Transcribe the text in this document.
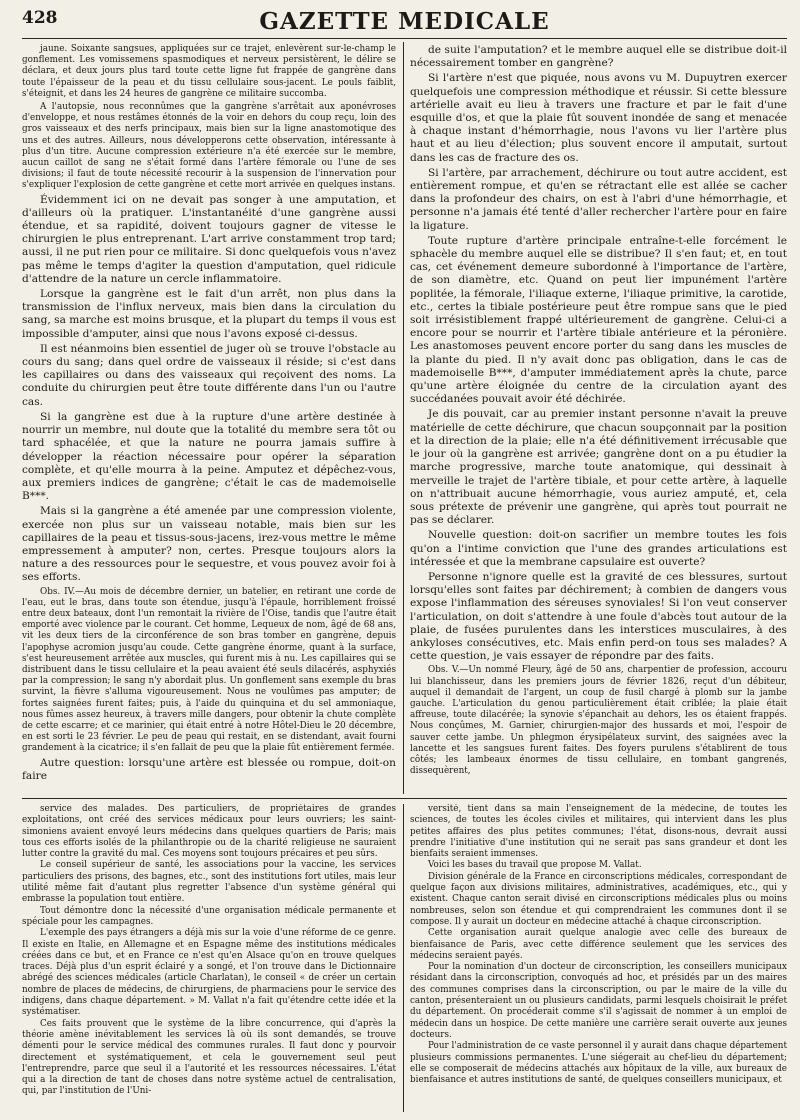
428	GAZETTE MEDICALE

jaune. Soixante sangsues, appliquées sur ce trajet, enlevèrent sur-le-champ le gonflement. Les vomissemens spasmodiques et nerveux persistèrent, le délire se déclara, et deux jours plus tard toute cette ligne fut frappée de gangrène dans toute l'épaisseur de la peau et du tissu cellulaire sous-jacent. Le pouls faiblit, s'éteignit, et dans les 24 heures de gangrène ce militaire succomba.

A l'autopsie, nous reconnûmes que la gangrène s'arrêtait aux aponévroses d'enveloppe, et nous restâmes étonnés de la voir en dehors du coup reçu, loin des gros vaisseaux et des nerfs principaux, mais bien sur la ligne anastomotique des uns et des autres. Ailleurs, nous développerons cette observation, intéressante à plus d'un titre. Aucune compression extérieure n'a été exercée sur le membre, aucun caillot de sang ne s'était formé dans l'artère fémorale ou l'une de ses divisions; il faut de toute nécessité recourir à la suspension de l'innervation pour s'expliquer l'explosion de cette gangrène et cette mort arrivée en quelques instans.

Évidemment ici on ne devait pas songer à une amputation, et d'ailleurs où la pratiquer. L'instantanéité d'une gangrène aussi étendue, et sa rapidité, doivent toujours gagner de vitesse le chirurgien le plus entreprenant. L'art arrive constamment trop tard; aussi, il ne put rien pour ce militaire. Si donc quelquefois vous n'avez pas même le temps d'agiter la question d'amputation, quel ridicule d'attendre de la nature un cercle inflammatoire.

Lorsque la gangrène est le fait d'un arrêt, non plus dans la transmission de l'influx nerveux, mais bien dans la circulation du sang, sa marche est moins brusque, et la plupart du temps il vous est impossible d'amputer, ainsi que nous l'avons exposé ci-dessus.

Il est néanmoins bien essentiel de juger où se trouve l'obstacle au cours du sang; dans quel ordre de vaisseaux il réside; si c'est dans les capillaires ou dans des vaisseaux qui reçoivent des noms. La conduite du chirurgien peut être toute différente dans l'un ou l'autre cas.

Si la gangrène est due à la rupture d'une artère destinée à nourrir un membre, nul doute que la totalité du membre sera tôt ou tard sphacélée, et que la nature ne pourra jamais suffire à développer la réaction nécessaire pour opérer la séparation complète, et qu'elle mourra à la peine. Amputez et dépêchez-vous, aux premiers indices de gangrène; c'était le cas de mademoiselle B***.

Mais si la gangrène a été amenée par une compression violente, exercée non plus sur un vaisseau notable, mais bien sur les capillaires de la peau et tissus-sous-jacens, irez-vous mettre le même empressement à amputer? non, certes. Presque toujours alors la nature a des ressources pour le sequestre, et vous pouvez avoir foi à ses efforts.

Obs. IV.—Au mois de décembre dernier, un batelier, en retirant une corde de l'eau, eut le bras, dans toute son étendue, jusqu'à l'épaule, horriblement froissé entre deux bateaux, dont l'un remontait la rivière de l'Oise, tandis que l'autre était emporté avec violence par le courant. Cet homme, Lequeux de nom, âgé de 68 ans, vit les deux tiers de la circonférence de son bras tomber en gangrène, depuis l'apophyse acromion jusqu'au coude. Cette gangrène énorme, quant à la surface, s'est heureusement arrêtée aux muscles, qui furent mis à nu. Les capillaires qui se distribuent dans le tissu cellulaire et la peau avaient été seuls dilacérés, asphyxiés par la compression; le sang n'y abordait plus. Un gonflement sans exemple du bras survint, la fièvre s'alluma vigoureusement. Nous ne voulûmes pas amputer; de fortes saignées furent faites; puis, à l'aide du quinquina et du sel ammoniaque, nous fûmes assez heureux, à travers mille dangers, pour obtenir la chute complète de cette escarre; et ce marinier, qui était entré à notre Hôtel-Dieu le 20 décembre, en est sorti le 23 février. Le peu de peau qui restait, en se distendant, avait fourni grandement à la cicatrice; il s'en fallait de peu que la plaie fût entièrement fermée.

Autre question: lorsqu'une artère est blessée ou rompue, doit-on faire

de suite l'amputation? et le membre auquel elle se distribue doit-il nécessairement tomber en gangrène?

Si l'artère n'est que piquée, nous avons vu M. Dupuytren exercer quelquefois une compression méthodique et réussir. Si cette blessure artérielle avait eu lieu à travers une fracture et par le fait d'une esquille d'os, et que la plaie fût souvent inondée de sang et menacée à chaque instant d'hémorrhagie, nous l'avons vu lier l'artère plus haut et au lieu d'élection; plus souvent encore il amputait, surtout dans les cas de fracture des os.

Si l'artère, par arrachement, déchirure ou tout autre accident, est entièrement rompue, et qu'en se rétractant elle est allée se cacher dans la profondeur des chairs, on est à l'abri d'une hémorrhagie, et personne n'a jamais été tenté d'aller rechercher l'artère pour en faire la ligature.

Toute rupture d'artère principale entraîne-t-elle forcément le sphacèle du membre auquel elle se distribue? Il s'en faut; et, en tout cas, cet événement demeure subordonné à l'importance de l'artère, de son diamètre, etc. Quand on peut lier impunément l'artère poplitée, la fémorale, l'iliaque externe, l'iliaque primitive, la carotide, etc., certes la tibiale postérieure peut être rompue sans que le pied soit irrésistiblement frappé ultérieurement de gangrène. Celui-ci a encore pour se nourrir et l'artère tibiale antérieure et la péronière. Les anastomoses peuvent encore porter du sang dans les muscles de la plante du pied. Il n'y avait donc pas obligation, dans le cas de mademoiselle B***, d'amputer immédiatement après la chute, parce qu'une artère éloignée du centre de la circulation ayant des succédanées pouvait avoir été déchirée.

Je dis pouvait, car au premier instant personne n'avait la preuve matérielle de cette déchirure, que chacun soupçonnait par la position et la direction de la plaie; elle n'a été définitivement irrécusable que le jour où la gangrène est arrivée; gangrène dont on a pu étudier la marche progressive, marche toute anatomique, qui dessinait à merveille le trajet de l'artère tibiale, et pour cette artère, à laquelle on n'attribuait aucune hémorrhagie, vous auriez amputé, et, cela sous prétexte de prévenir une gangrène, qui après tout pourrait ne pas se déclarer.

Nouvelle question: doit-on sacrifier un membre toutes les fois qu'on a l'intime conviction que l'une des grandes articulations est intéressée et que la membrane capsulaire est ouverte?

Personne n'ignore quelle est la gravité de ces blessures, surtout lorsqu'elles sont faites par déchirement; à combien de dangers vous expose l'inflammation des séreuses synoviales! Si l'on veut conserver l'articulation, on doit s'attendre à une foule d'abcès tout autour de la plaie, de fusées purulentes dans les interstices musculaires, à des ankyloses consécutives, etc. Mais enfin perd-on tous ses malades? A cette question, je vais essayer de répondre par des faits.

Obs. V.—Un nommé Fleury, âgé de 50 ans, charpentier de profession, accouru lui blanchisseur, dans les premiers jours de février 1826, reçut d'un débiteur, auquel il demandait de l'argent, un coup de fusil chargé à plomb sur la jambe gauche. L'articulation du genou particulièrement était criblée; la plaie était affreuse, toute dilacérée; la synovie s'épanchait au dehors, les os étaient frappés. Nous conçûmes, M. Garnier, chirurgien-major des hussards et moi, l'espoir de sauver cette jambe. Un phlegmon érysipélateux survint, des saignées avec la lancette et les sangsues furent faites. Des foyers purulens s'établirent de tous côtés; les lambeaux énormes de tissu cellulaire, en tombant gangrenés, dissequèrent,

service des malades. Des particuliers, de propriétaires de grandes exploitations, ont créé des services médicaux pour leurs ouvriers; les saint-simoniens avaient envoyé leurs médecins dans quelques quartiers de Paris; mais tous ces efforts isolés de la philanthropie ou de la charité religieuse ne sauraient lutter contre la gravité du mal. Ces moyens sont toujours précaires et peu sûrs.

Le conseil supérieur de santé, les associations pour la vaccine, les services particuliers des prisons, des bagnes, etc., sont des institutions fort utiles, mais leur utilité même fait d'autant plus regretter l'absence d'un système général qui embrasse la population tout entière.

Tout démontre donc la nécessité d'une organisation médicale permanente et spéciale pour les campagnes.

L'exemple des pays étrangers a déjà mis sur la voie d'une réforme de ce genre. Il existe en Italie, en Allemagne et en Espagne même des institutions médicales créées dans ce but, et en France ce n'est qu'en Alsace qu'on en trouve quelques traces. Déjà plus d'un esprit éclairé y a songé, et l'on trouve dans le Dictionnaire abrégé des sciences médicales (article Charlatan), le conseil « de créer un certain nombre de places de médecins, de chirurgiens, de pharmaciens pour le service des indigens, dans chaque département. » M. Vallat n'a fait qu'étendre cette idée et la systématiser.

Ces faits prouvent que le système de la libre concurrence, qui d'après la théorie amène inévitablement les services là où ils sont demandés, se trouve démenti pour le service médical des communes rurales. Il faut donc y pourvoir directement et systématiquement, et cela le gouvernement seul peut l'entreprendre, parce que seul il a l'autorité et les ressources nécessaires. L'état qui a la direction de tant de choses dans notre système actuel de centralisation, qui, par l'institution de l'Uni-

versité, tient dans sa main l'enseignement de la médecine, de toutes les sciences, de toutes les écoles civiles et militaires, qui intervient dans les plus petites affaires des plus petites communes; l'état, disons-nous, devrait aussi prendre l'initiative d'une institution qui ne serait pas sans grandeur et dont les bienfaits seraient immenses.

Voici les bases du travail que propose M. Vallat.

Division générale de la France en circonscriptions médicales, correspondant de quelque façon aux divisions militaires, administratives, académiques, etc., qui y existent. Chaque canton serait divisé en circonscriptions médicales plus ou moins nombreuses, selon son étendue et qui comprendraient les communes dont il se compose. Il y aurait un docteur en médecine attaché à chaque circonscription.

Cette organisation aurait quelque analogie avec celle des bureaux de bienfaisance de Paris, avec cette différence seulement que les services des médecins seraient payés.

Pour la nomination d'un docteur de circonscription, les conseillers municipaux résidant dans la circonscription, convoqués ad hoc, et présidés par un des maires des communes comprises dans la circonscription, ou par le maire de la ville du canton, présenteraient un ou plusieurs candidats, parmi lesquels choisirait le préfet du département. On procéderait comme s'il s'agissait de nommer à un emploi de médecin dans un hospice. De cette manière une carrière serait ouverte aux jeunes docteurs.

Pour l'administration de ce vaste personnel il y aurait dans chaque département plusieurs commissions permanentes. L'une siégerait au chef-lieu du département; elle se composerait de médecins attachés aux hôpitaux de la ville, aux bureaux de bienfaisance et autres institutions de santé, de quelques conseillers municipaux, et
